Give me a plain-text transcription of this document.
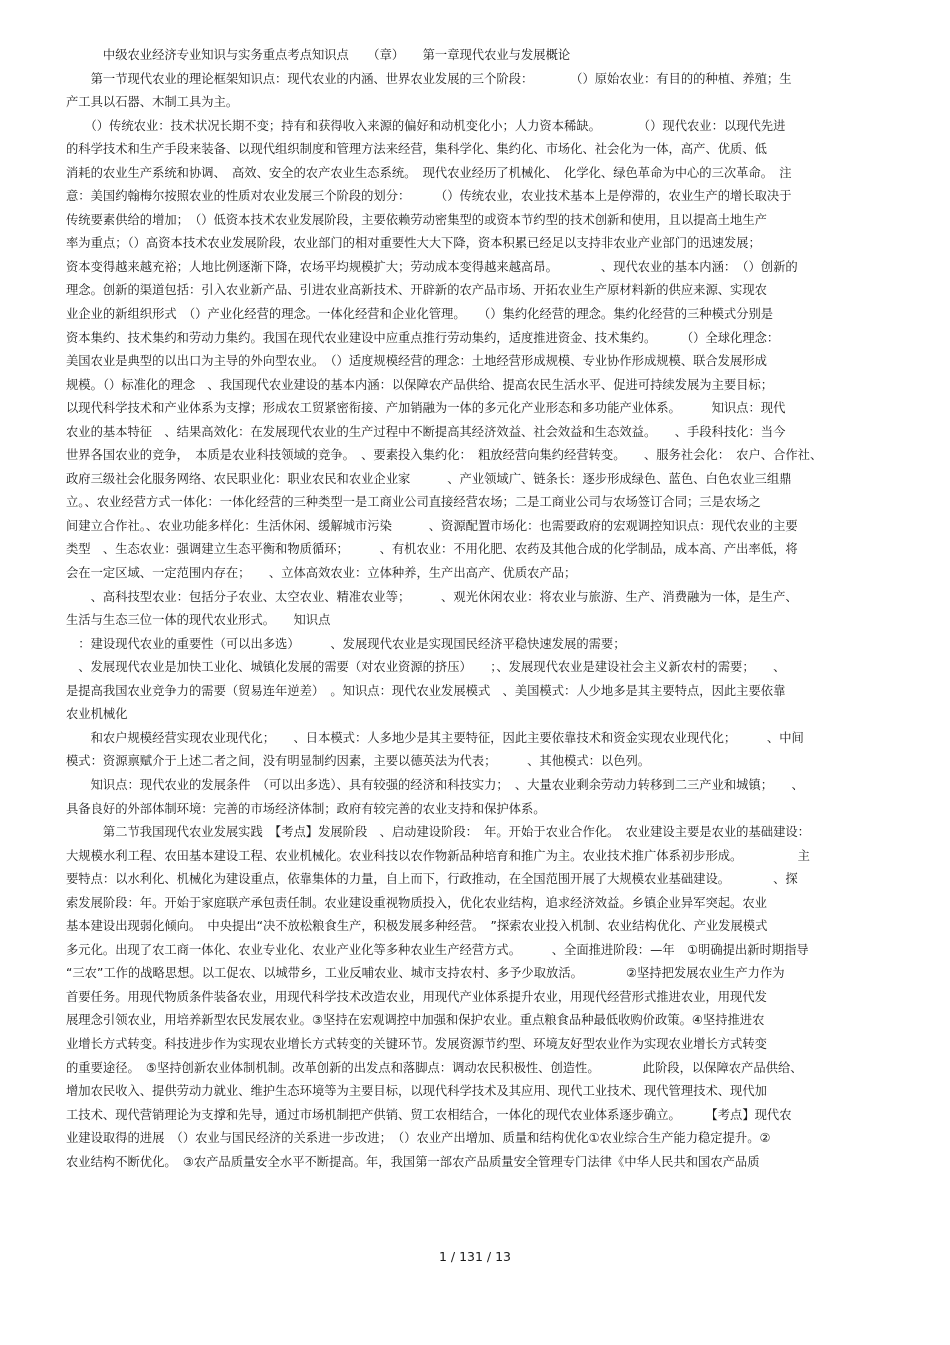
　　　中级农业经济专业知识与实务重点考点知识点　　（章）　　第一章现代农业与发展概论
　　第一节现代农业的理论框架知识点：现代农业的内涵、世界农业发展的三个阶段：　　　　（）原始农业：有目的的种植、养殖；生
产工具以石器、木制工具为主。
　　（）传统农业：技术状况长期不变；持有和获得收入来源的偏好和动机变化小；人力资本稀缺。　　　　（）现代农业：以现代先进
的科学技术和生产手段来装备、以现代组织制度和管理方法来经营，集科学化、集约化、市场化、社会化为一体，高产、优质、低
消耗的农业生产系统和协调、　高效、安全的农产农业生态系统。　现代农业经历了机械化、　化学化、绿色革命为中心的三次革命。　注
意：美国约翰梅尔按照农业的性质对农业发展三个阶段的划分：　　　（）传统农业，农业技术基本上是停滞的，农业生产的增长取决于
传统要素供给的增加；　（）低资本技术农业发展阶段，主要依赖劳动密集型的或资本节约型的技术创新和使用，且以提高土地生产
率为重点；（）高资本技术农业发展阶段，农业部门的相对重要性大大下降，资本积累已经足以支持非农业产业部门的迅速发展；
资本变得越来越充裕；人地比例逐渐下降，农场平均规模扩大；劳动成本变得越来越高昂。　　　　、现代农业的基本内涵：　（）创新的
理念。创新的渠道包括：引入农业新产品、引进农业高新技术、开辟新的农产品市场、开拓农业生产原材料新的供应来源、实现农
业企业的新组织形式　（）产业化经营的理念。一体化经营和企业化管理。　　（）集约化经营的理念。集约化经营的三种模式分别是
资本集约、技术集约和劳动力集约。我国在现代农业建设中应重点推行劳动集约，适度推进资金、技术集约。　　　（）全球化理念：
美国农业是典型的以出口为主导的外向型农业。　（）适度规模经营的理念：土地经营形成规模、专业协作形成规模、联合发展形成
规模。（）标准化的理念　、我国现代农业建设的基本内涵：以保障农产品供给、提高农民生活水平、促进可持续发展为主要目标；
以现代科学技术和产业体系为支撑；形成农工贸紧密衔接、产加销融为一体的多元化产业形态和多功能产业体系。　　　知识点：现代
农业的基本特征　、结果高效化：在发展现代农业的生产过程中不断提高其经济效益、社会效益和生态效益。　　、手段科技化：当今
世界各国农业的竞争，　本质是农业科技领域的竞争。　、要素投入集约化：　粗放经营向集约经营转变。　　、服务社会化：　农户、合作社、
政府三级社会化服务网络、农民职业化：职业农民和农业企业家　　　、产业领域广、链条长：逐步形成绿色、蓝色、白色农业三组鼎
立。、农业经营方式一体化：一体化经营的三种类型一是工商业公司直接经营农场；二是工商业公司与农场签订合同；三是农场之
间建立合作社。、农业功能多样化：生活休闲、缓解城市污染　　　、资源配置市场化：也需要政府的宏观调控知识点：现代农业的主要
类型　、生态农业：强调建立生态平衡和物质循环；　　　、有机农业：不用化肥、农药及其他合成的化学制品，成本高、产出率低，将
会在一定区域、一定范围内存在；　　、立体高效农业：立体种养，生产出高产、优质农产品；
　　、高科技型农业：包括分子农业、太空农业、精准农业等；　　　、观光休闲农业：将农业与旅游、生产、消费融为一体，是生产、
生活与生态三位一体的现代农业形式。　　知识点
　：建设现代农业的重要性（可以出多选）　　　、发展现代农业是实现国民经济平稳快速发展的需要；
　、发展现代农业是加快工业化、城镇化发展的需要（对农业资源的挤压）　　；、发展现代农业是建设社会主义新农村的需要；　　、
是提高我国农业竞争力的需要（贸易连年逆差）　。知识点：现代农业发展模式　、美国模式：人少地多是其主要特点，因此主要依靠
农业机械化
　　和农户规模经营实现农业现代化；　　、日本模式：人多地少是其主要特征，因此主要依靠技术和资金实现农业现代化；　　　、中间
模式：资源禀赋介于上述二者之间，没有明显制约因素，主要以德英法为代表；　　　、其他模式：以色列。
　　知识点：现代农业的发展条件　（可以出多选）、具有较强的经济和科技实力；　、大量农业剩余劳动力转移到二三产业和城镇；　　、
具备良好的外部体制环境：完善的市场经济体制；政府有较完善的农业支持和保护体系。
　　　第二节我国现代农业发展实践　【考点】发展阶段　、启动建设阶段：　年。开始于农业合作化。　农业建设主要是农业的基础建设：
大规模水利工程、农田基本建设工程、农业机械化。农业科技以农作物新品种培育和推广为主。农业技术推广体系初步形成。　　　　　主
要特点：以水利化、机械化为建设重点，依靠集体的力量，自上而下，行政推动，在全国范围开展了大规模农业基础建设。　　　　、探
索发展阶段：年。开始于家庭联产承包责任制。农业建设重视物质投入，优化农业结构，追求经济效益。乡镇企业异军突起。农业
基本建设出现弱化倾向。　中央提出“决不放松粮食生产，积极发展多种经营。　”探索农业投入机制、农业结构优化、产业发展模式
多元化。出现了农工商一体化、农业专业化、农业产业化等多种农业生产经营方式。　　　、全面推进阶段：—年　①明确提出新时期指导
“三农”工作的战略思想。以工促农、以城带乡，工业反哺农业、城市支持农村、多予少取放活。　　　　②坚持把发展农业生产力作为
首要任务。用现代物质条件装备农业，用现代科学技术改造农业，用现代产业体系提升农业，用现代经营形式推进农业，用现代发
展理念引领农业，用培养新型农民发展农业。③坚持在宏观调控中加强和保护农业。重点粮食品种最低收购价政策。④坚持推进农
业增长方式转变。科技进步作为实现农业增长方式转变的关键环节。发展资源节约型、环境友好型农业作为实现农业增长方式转变
的重要途径。　⑤坚持创新农业体制机制。改革创新的出发点和落脚点：调动农民积极性、创造性。　　　　此阶段，以保障农产品供给、
增加农民收入、提供劳动力就业、维护生态环境等为主要目标，以现代科学技术及其应用、现代工业技术、现代管理技术、现代加
工技术、现代营销理论为支撑和先导，通过市场机制把产供销、贸工农相结合，一体化的现代农业体系逐步确立。　　　【考点】现代农
业建设取得的进展　（）农业与国民经济的关系进一步改进；　（）农业产出增加、质量和结构优化①农业综合生产能力稳定提升。②
农业结构不断优化。　③农产品质量安全水平不断提高。年，我国第一部农产品质量安全管理专门法律《中华人民共和国农产品质
1 / 131 / 13
